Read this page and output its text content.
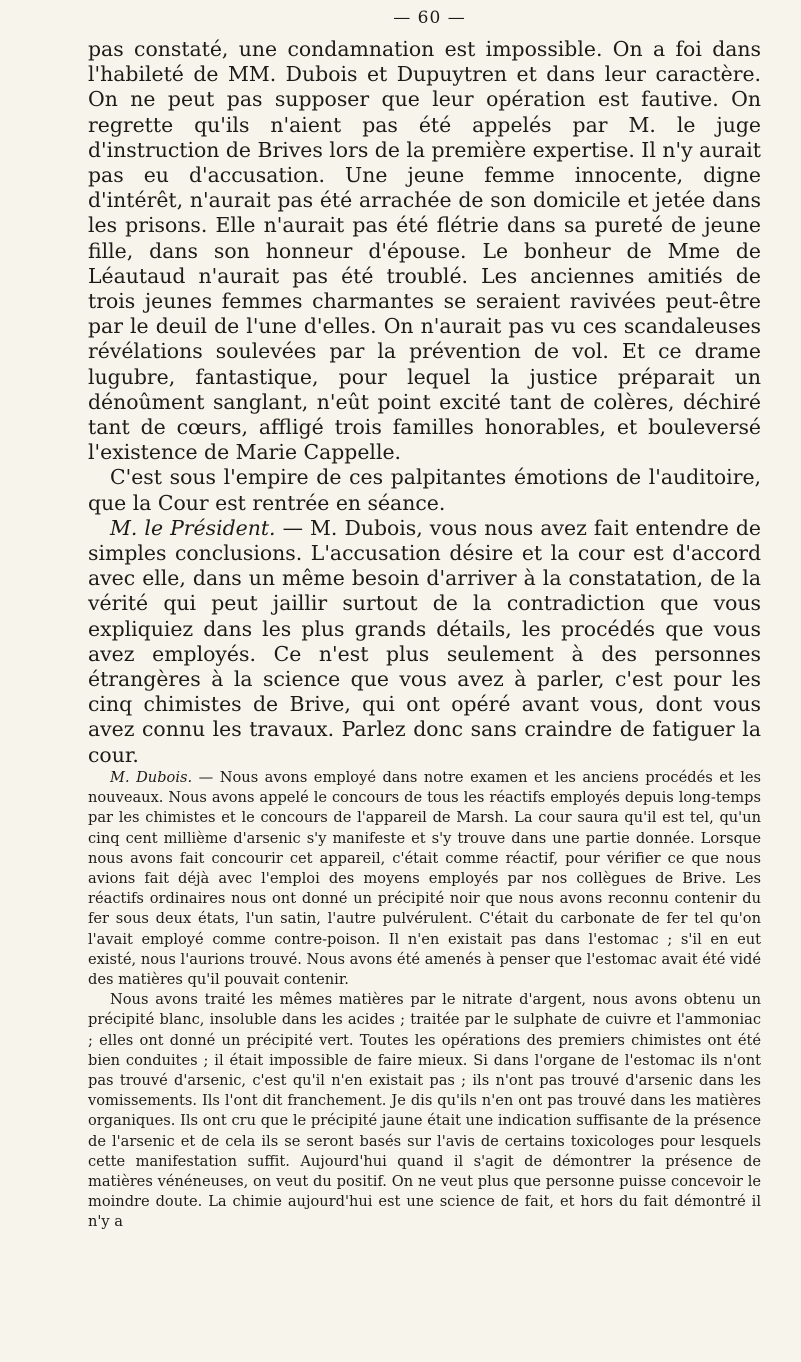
— 60 —

pas constaté, une condamnation est impossible. On a foi dans l'habileté de MM. Dubois et Dupuytren et dans leur caractère. On ne peut pas supposer que leur opération est fautive. On regrette qu'ils n'aient pas été appelés par M. le juge d'instruction de Brives lors de la première expertise. Il n'y aurait pas eu d'accusation. Une jeune femme innocente, digne d'intérêt, n'aurait pas été arrachée de son domicile et jetée dans les prisons. Elle n'aurait pas été flétrie dans sa pureté de jeune fille, dans son honneur d'épouse. Le bonheur de Mme de Léautaud n'aurait pas été troublé. Les anciennes amitiés de trois jeunes femmes charmantes se seraient ravivées peut-être par le deuil de l'une d'elles. On n'aurait pas vu ces scandaleuses révélations soulevées par la prévention de vol. Et ce drame lugubre, fantastique, pour lequel la justice préparait un dénoûment sanglant, n'eût point excité tant de colères, déchiré tant de cœurs, affligé trois familles honorables, et bouleversé l'existence de Marie Cappelle.

C'est sous l'empire de ces palpitantes émotions de l'auditoire, que la Cour est rentrée en séance.

M. le Président. — M. Dubois, vous nous avez fait entendre de simples conclusions. L'accusation désire et la cour est d'accord avec elle, dans un même besoin d'arriver à la constatation, de la vérité qui peut jaillir surtout de la contradiction que vous expliquiez dans les plus grands détails, les procédés que vous avez employés. Ce n'est plus seulement à des personnes étrangères à la science que vous avez à parler, c'est pour les cinq chimistes de Brive, qui ont opéré avant vous, dont vous avez connu les travaux. Parlez donc sans craindre de fatiguer la cour.

M. Dubois. — Nous avons employé dans notre examen et les anciens procédés et les nouveaux. Nous avons appelé le concours de tous les réactifs employés depuis long-temps par les chimistes et le concours de l'appareil de Marsh. La cour saura qu'il est tel, qu'un cinq cent millième d'arsenic s'y manifeste et s'y trouve dans une partie donnée. Lorsque nous avons fait concourir cet appareil, c'était comme réactif, pour vérifier ce que nous avions fait déjà avec l'emploi des moyens employés par nos collègues de Brive. Les réactifs ordinaires nous ont donné un précipité noir que nous avons reconnu contenir du fer sous deux états, l'un satin, l'autre pulvérulent. C'était du carbonate de fer tel qu'on l'avait employé comme contre-poison. Il n'en existait pas dans l'estomac ; s'il en eut existé, nous l'aurions trouvé. Nous avons été amenés à penser que l'estomac avait été vidé des matières qu'il pouvait contenir.

Nous avons traité les mêmes matières par le nitrate d'argent, nous avons obtenu un précipité blanc, insoluble dans les acides ; traitée par le sulphate de cuivre et l'ammoniac ; elles ont donné un précipité vert. Toutes les opérations des premiers chimistes ont été bien conduites ; il était impossible de faire mieux. Si dans l'organe de l'estomac ils n'ont pas trouvé d'arsenic, c'est qu'il n'en existait pas ; ils n'ont pas trouvé d'arsenic dans les vomissements. Ils l'ont dit franchement. Je dis qu'ils n'en ont pas trouvé dans les matières organiques. Ils ont cru que le précipité jaune était une indication suffisante de la présence de l'arsenic et de cela ils se seront basés sur l'avis de certains toxicologes pour lesquels cette manifestation suffit. Aujourd'hui quand il s'agit de démontrer la présence de matières vénéneuses, on veut du positif. On ne veut plus que personne puisse concevoir le moindre doute. La chimie aujourd'hui est une science de fait, et hors du fait démontré il n'y a
